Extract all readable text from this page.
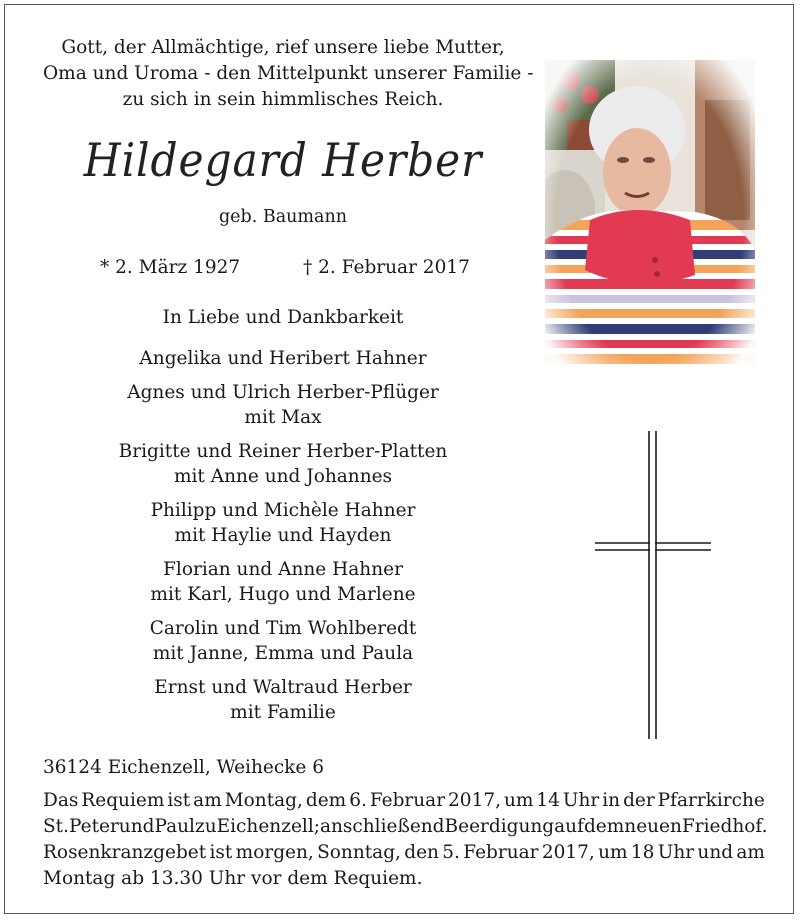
Gott, der Allmächtige, rief unsere liebe Mutter,
Oma und Uroma - den Mittelpunkt unserer Familie -
zu sich in sein himmlisches Reich.
Hildegard Herber
geb. Baumann
* 2. März 1927	† 2. Februar 2017
In Liebe und Dankbarkeit
Angelika und Heribert Hahner
Agnes und Ulrich Herber-Pflüger
mit Max
Brigitte und Reiner Herber-Platten
mit Anne und Johannes
Philipp und Michèle Hahner
mit Haylie und Hayden
Florian und Anne Hahner
mit Karl, Hugo und Marlene
Carolin und Tim Wohlberedt
mit Janne, Emma und Paula
Ernst und Waltraud Herber
mit Familie
36124 Eichenzell, Weihecke 6
Das Requiem ist am Montag, dem 6. Februar 2017, um 14 Uhr in der Pfarrkirche
St. Peter und Paul zu Eichenzell; anschließend Beerdigung auf dem neuen Friedhof.
Rosenkranzgebet ist morgen, Sonntag, den 5. Februar 2017, um 18 Uhr und am
Montag ab 13.30 Uhr vor dem Requiem.
